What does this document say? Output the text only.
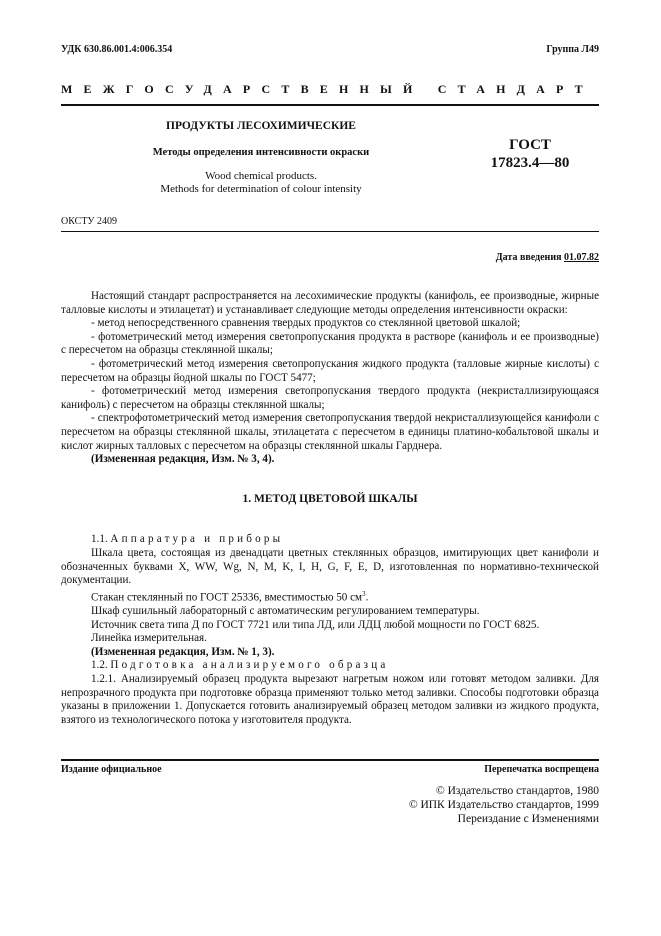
УДК 630.86.001.4:006.354	Группа Л49
МЕЖГОСУДАРСТВЕННЫЙ СТАНДАРТ
ПРОДУКТЫ ЛЕСОХИМИЧЕСКИЕ
Методы определения интенсивности окраски
Wood chemical products.
Methods for determination of colour intensity
ГОСТ
17823.4—80
ОКСТУ 2409
Дата введения 01.07.82

Настоящий стандарт распространяется на лесохимические продукты (канифоль, ее производные, жирные талловые кислоты и этилацетат) и устанавливает следующие методы определения интенсивности окраски:

- метод непосредственного сравнения твердых продуктов со стеклянной цветовой шкалой;

- фотометрический метод измерения светопропускания продукта в растворе (канифоль и ее производные) с пересчетом на образцы стеклянной шкалы;

- фотометрический метод измерения светопропускания жидкого продукта (талловые жирные кислоты) с пересчетом на образцы йодной шкалы по ГОСТ 5477;

- фотометрический метод измерения светопропускания твердого продукта (некристаллизирующаяся канифоль) с пересчетом на образцы стеклянной шкалы;

- спектрофотометрический метод измерения светопропускания твердой некристаллизующейся канифоли с пересчетом на образцы стеклянной шкалы, этилацетата с пересчетом в единицы платино-кобальтовой шкалы и кислот жирных талловых с пересчетом на образцы стеклянной шкалы Гарднера.

(Измененная редакция, Изм. № 3, 4).

1. МЕТОД ЦВЕТОВОЙ ШКАЛЫ

1.1. Аппаратура и приборы

Шкала цвета, состоящая из двенадцати цветных стеклянных образцов, имитирующих цвет канифоли и обозначенных буквами X, WW, Wg, N, M, K, I, H, G, F, E, D, изготовленная по нормативно-технической документации.

Стакан стеклянный по ГОСТ 25336, вместимостью 50 $см^3$.

Шкаф сушильный лабораторный с автоматическим регулированием температуры.

Источник света типа Д по ГОСТ 7721 или типа ЛД, или ЛДЦ любой мощности по ГОСТ 6825.

Линейка измерительная.

(Измененная редакция, Изм. № 1, 3).

1.2. Подготовка анализируемого образца

1.2.1. Анализируемый образец продукта вырезают нагретым ножом или готовят методом заливки. Для непрозрачного продукта при подготовке образца применяют только метод заливки. Способы подготовки образца указаны в приложении 1. Допускается готовить анализируемый образец методом заливки из жидкого продукта, взятого из технологического потока у изготовителя продукта.

Издание официальное	Перепечатка воспрещена
© Издательство стандартов, 1980
© ИПК Издательство стандартов, 1999
Переиздание с Изменениями
